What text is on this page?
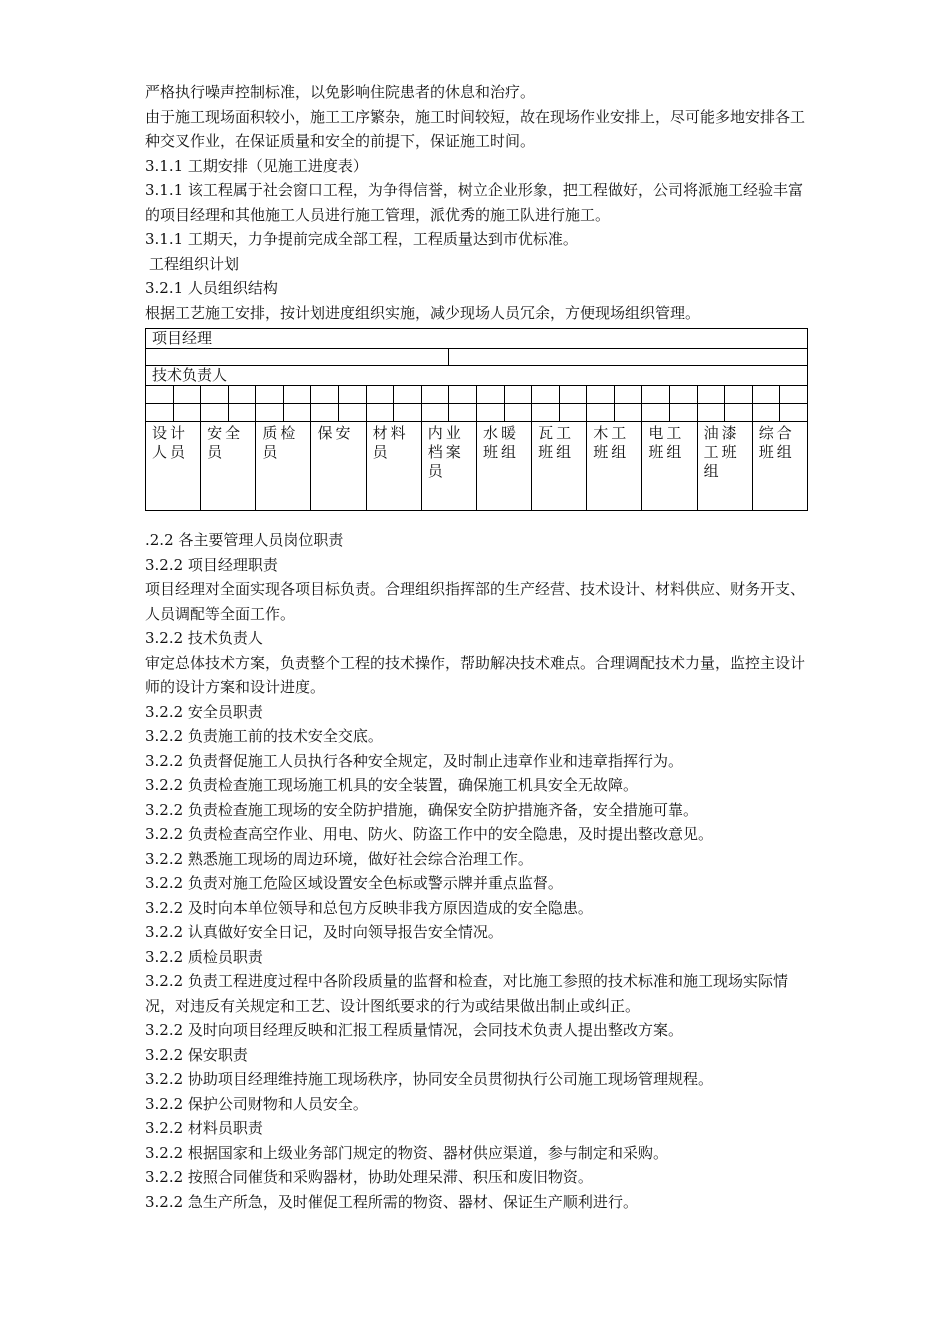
严格执行噪声控制标准，以免影响住院患者的休息和治疗。

由于施工现场面积较小，施工工序繁杂，施工时间较短，故在现场作业安排上，尽可能多地安排各工种交叉作业，在保证质量和安全的前提下，保证施工时间。

3.1.1 工期安排（见施工进度表）

3.1.1 该工程属于社会窗口工程，为争得信誉，树立企业形象，把工程做好，公司将派施工经验丰富的项目经理和其他施工人员进行施工管理，派优秀的施工队进行施工。

3.1.1 工期天，力争提前完成全部工程，工程质量达到市优标准。

工程组织计划

3.2.1 人员组织结构

根据工艺施工安排，按计划进度组织实施，减少现场人员冗余，方便现场组织管理。

项目经理																							

技术负责人																							

设计人员		安全员		质检员		保安		材料员		内业档案员		水暖班组		瓦工班组		木工班组		电工班组		油漆工班组		综合班组	

.2.2 各主要管理人员岗位职责

3.2.2 项目经理职责

项目经理对全面实现各项目标负责。合理组织指挥部的生产经营、技术设计、材料供应、财务开支、人员调配等全面工作。

3.2.2 技术负责人

审定总体技术方案，负责整个工程的技术操作，帮助解决技术难点。合理调配技术力量，监控主设计师的设计方案和设计进度。

3.2.2 安全员职责

3.2.2 负责施工前的技术安全交底。

3.2.2 负责督促施工人员执行各种安全规定，及时制止违章作业和违章指挥行为。

3.2.2 负责检查施工现场施工机具的安全装置，确保施工机具安全无故障。

3.2.2 负责检查施工现场的安全防护措施，确保安全防护措施齐备，安全措施可靠。

3.2.2 负责检查高空作业、用电、防火、防盗工作中的安全隐患，及时提出整改意见。

3.2.2 熟悉施工现场的周边环境，做好社会综合治理工作。

3.2.2 负责对施工危险区域设置安全色标或警示牌并重点监督。

3.2.2 及时向本单位领导和总包方反映非我方原因造成的安全隐患。

3.2.2 认真做好安全日记，及时向领导报告安全情况。

3.2.2 质检员职责

3.2.2 负责工程进度过程中各阶段质量的监督和检查，对比施工参照的技术标准和施工现场实际情况，对违反有关规定和工艺、设计图纸要求的行为或结果做出制止或纠正。

3.2.2 及时向项目经理反映和汇报工程质量情况，会同技术负责人提出整改方案。

3.2.2 保安职责

3.2.2 协助项目经理维持施工现场秩序，协同安全员贯彻执行公司施工现场管理规程。

3.2.2 保护公司财物和人员安全。

3.2.2 材料员职责

3.2.2 根据国家和上级业务部门规定的物资、器材供应渠道，参与制定和采购。

3.2.2 按照合同催货和采购器材，协助处理呆滞、积压和废旧物资。

3.2.2 急生产所急，及时催促工程所需的物资、器材、保证生产顺利进行。
